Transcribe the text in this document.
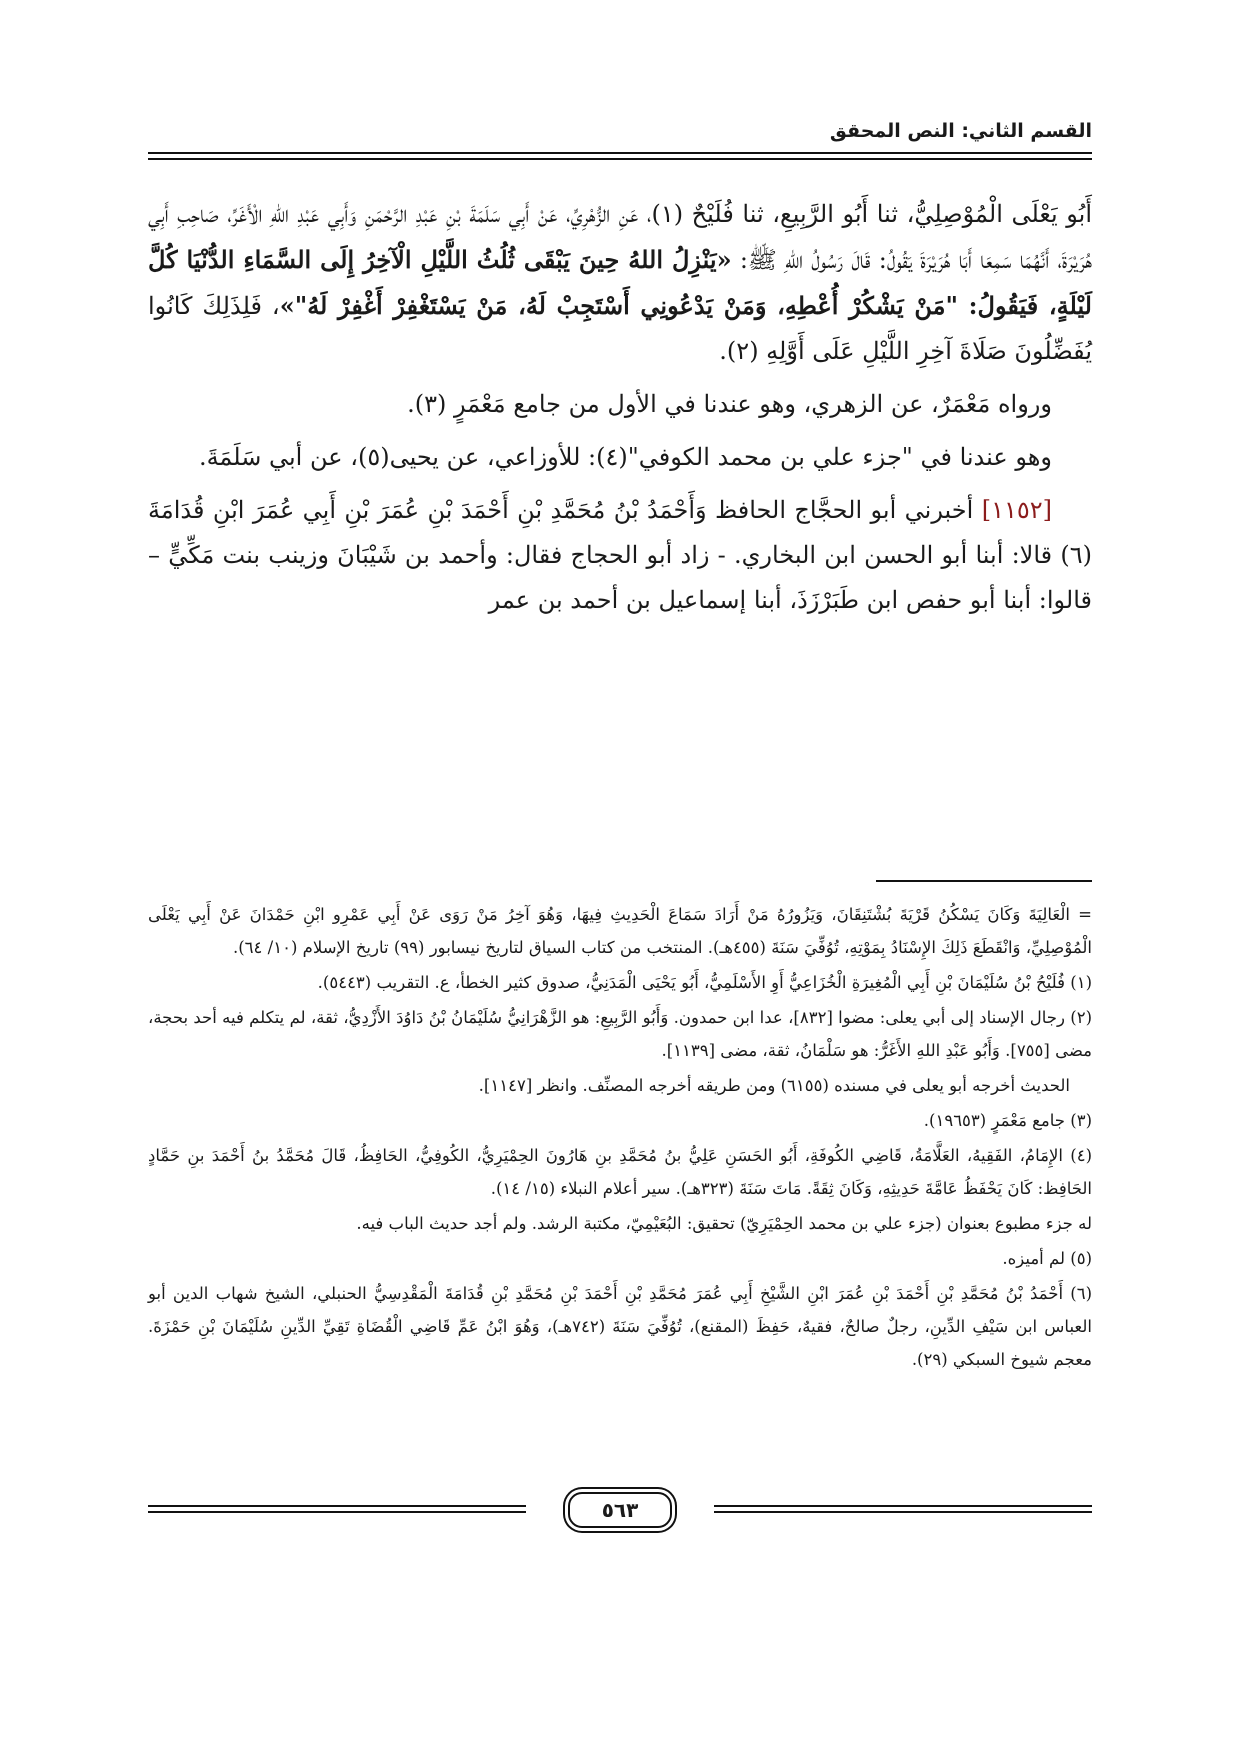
القسم الثاني: النص المحقق

أَبُو يَعْلَى الْمُوْصِلِيُّ، ثنا أَبُو الرَّبِيعِ، ثنا فُلَيْحٌ (١)، عَنِ الزُّهْرِيِّ، عَنْ أَبِي سَلَمَةَ بْنِ عَبْدِ الرَّحْمَنِ وَأَبِي عَبْدِ اللهِ الْأَغَرِّ، صَاحِبِ أَبِي هُرَيْرَةَ، أَنَّهُمَا سَمِعَا أَبَا هُرَيْرَةَ يَقُولُ: قَالَ رَسُولُ اللهِ ﷺ: «يَنْزِلُ اللهُ حِينَ يَبْقَى ثُلُثُ اللَّيْلِ الْآخِرُ إِلَى السَّمَاءِ الدُّنْيَا كُلَّ لَيْلَةٍ، فَيَقُولُ: "مَنْ يَشْكُرْ أُعْطِهِ، وَمَنْ يَدْعُونِي أَسْتَجِبْ لَهُ، مَنْ يَسْتَغْفِرْ أَغْفِرْ لَهُ"»، فَلِذَلِكَ كَانُوا يُفَضِّلُونَ صَلَاةَ آخِرِ اللَّيْلِ عَلَى أَوَّلِهِ (٢).

ورواه مَعْمَرٌ، عن الزهري، وهو عندنا في الأول من جامع مَعْمَرٍ (٣).

وهو عندنا في "جزء علي بن محمد الكوفي"(٤): للأوزاعي، عن يحيى(٥)، عن أبي سَلَمَةَ.

[١١٥٢] أخبرني أبو الحجَّاج الحافظ وَأَحْمَدُ بْنُ مُحَمَّدِ بْنِ أَحْمَدَ بْنِ عُمَرَ بْنِ أَبِي عُمَرَ ابْنِ قُدَامَةَ (٦) قالا: أبنا أبو الحسن ابن البخاري. - زاد أبو الحجاج فقال: وأحمد بن شَيْبَانَ وزينب بنت مَكِّيٍّ – قالوا: أبنا أبو حفص ابن طَبَرْزَذَ، أبنا إسماعيل بن أحمد بن عمر

= الْعَالِيَةَ وَكَانَ يَسْكُنُ قَرْيَةَ بُشْتَنِقَانَ، وَيَزُورُهُ مَنْ أَرَادَ سَمَاعَ الْحَدِيثِ فِيهَا، وَهُوَ آخِرُ مَنْ رَوَى عَنْ أَبِي عَمْرِو ابْنِ حَمْدَانَ عَنْ أَبِي يَعْلَى الْمُوْصِلِيِّ، وَانْقَطَعَ ذَلِكَ الإِسْنَادُ بِمَوْتِهِ، تُوُفِّيَ سَنَةَ (٤٥٥هـ). المنتخب من كتاب السياق لتاريخ نيسابور (٩٩) تاريخ الإسلام (١٠/ ٦٤).

(١) فُلَيْحُ بْنُ سُلَيْمَانَ بْنِ أَبِي الْمُغِيرَةِ الْخُزَاعِيُّ أَوِ الأَسْلَمِيُّ، أَبُو يَحْيَى الْمَدَنِيُّ، صدوق كثير الخطأ، ع. التقريب (٥٤٤٣).

(٢) رجال الإسناد إلى أبي يعلى: مضوا [٨٣٢]، عدا ابن حمدون. وَأَبُو الرَّبِيعِ: هو الزَّهْرَانِيُّ سُلَيْمَانُ بْنُ دَاوُدَ الأَزْدِيُّ، ثقة، لم يتكلم فيه أحد بحجة، مضى [٧٥٥]. وَأَبُو عَبْدِ اللهِ الأَغَرُّ: هو سَلْمَانُ، ثقة، مضى [١١٣٩].

الحديث أخرجه أبو يعلى في مسنده (٦١٥٥) ومن طريقه أخرجه المصنِّف. وانظر [١١٤٧].

(٣) جامع مَعْمَرٍ (١٩٦٥٣).

(٤) الإِمَامُ، الفَقِيهُ، العَلَّامَةُ، قَاضِي الكُوفَةِ، أَبُو الحَسَنِ عَلِيُّ بنُ مُحَمَّدِ بنِ هَارُونَ الحِمْيَرِيُّ، الكُوفِيُّ، الحَافِظُ، قَالَ مُحَمَّدُ بنُ أَحْمَدَ بنِ حَمَّادٍ الحَافِظ: كَانَ يَحْفَظُ عَامَّةَ حَدِيثِهِ، وَكَانَ ثِقَةً. مَاتَ سَنَةَ (٣٢٣هـ). سير أعلام النبلاء (١٥/ ١٤).

له جزء مطبوع بعنوان (جزء علي بن محمد الحِمْيَرِيّ) تحقيق: البُعَيْمِيّ، مكتبة الرشد. ولم أجد حديث الباب فيه.

(٥) لم أميزه.

(٦) أَحْمَدُ بْنُ مُحَمَّدِ بْنِ أَحْمَدَ بْنِ عُمَرَ ابْنِ الشَّيْخِ أَبِي عُمَرَ مُحَمَّدِ بْنِ أَحْمَدَ بْنِ مُحَمَّدِ بْنِ قُدَامَةَ الْمَقْدِسِيُّ الحنبلي، الشيخ شهاب الدين أبو العباس ابن سَيْفِ الدِّينِ، رجلٌ صالحٌ، فقيهٌ، حَفِظَ (المقنع)، تُوُفِّيَ سَنَةَ (٧٤٢هـ)، وَهُوَ ابْنُ عَمِّ قَاضِي الْقُضَاةِ تَقِيِّ الدِّينِ سُلَيْمَانَ بْنِ حَمْزَةَ. معجم شيوخ السبكي (٢٩).

٥٦٣
